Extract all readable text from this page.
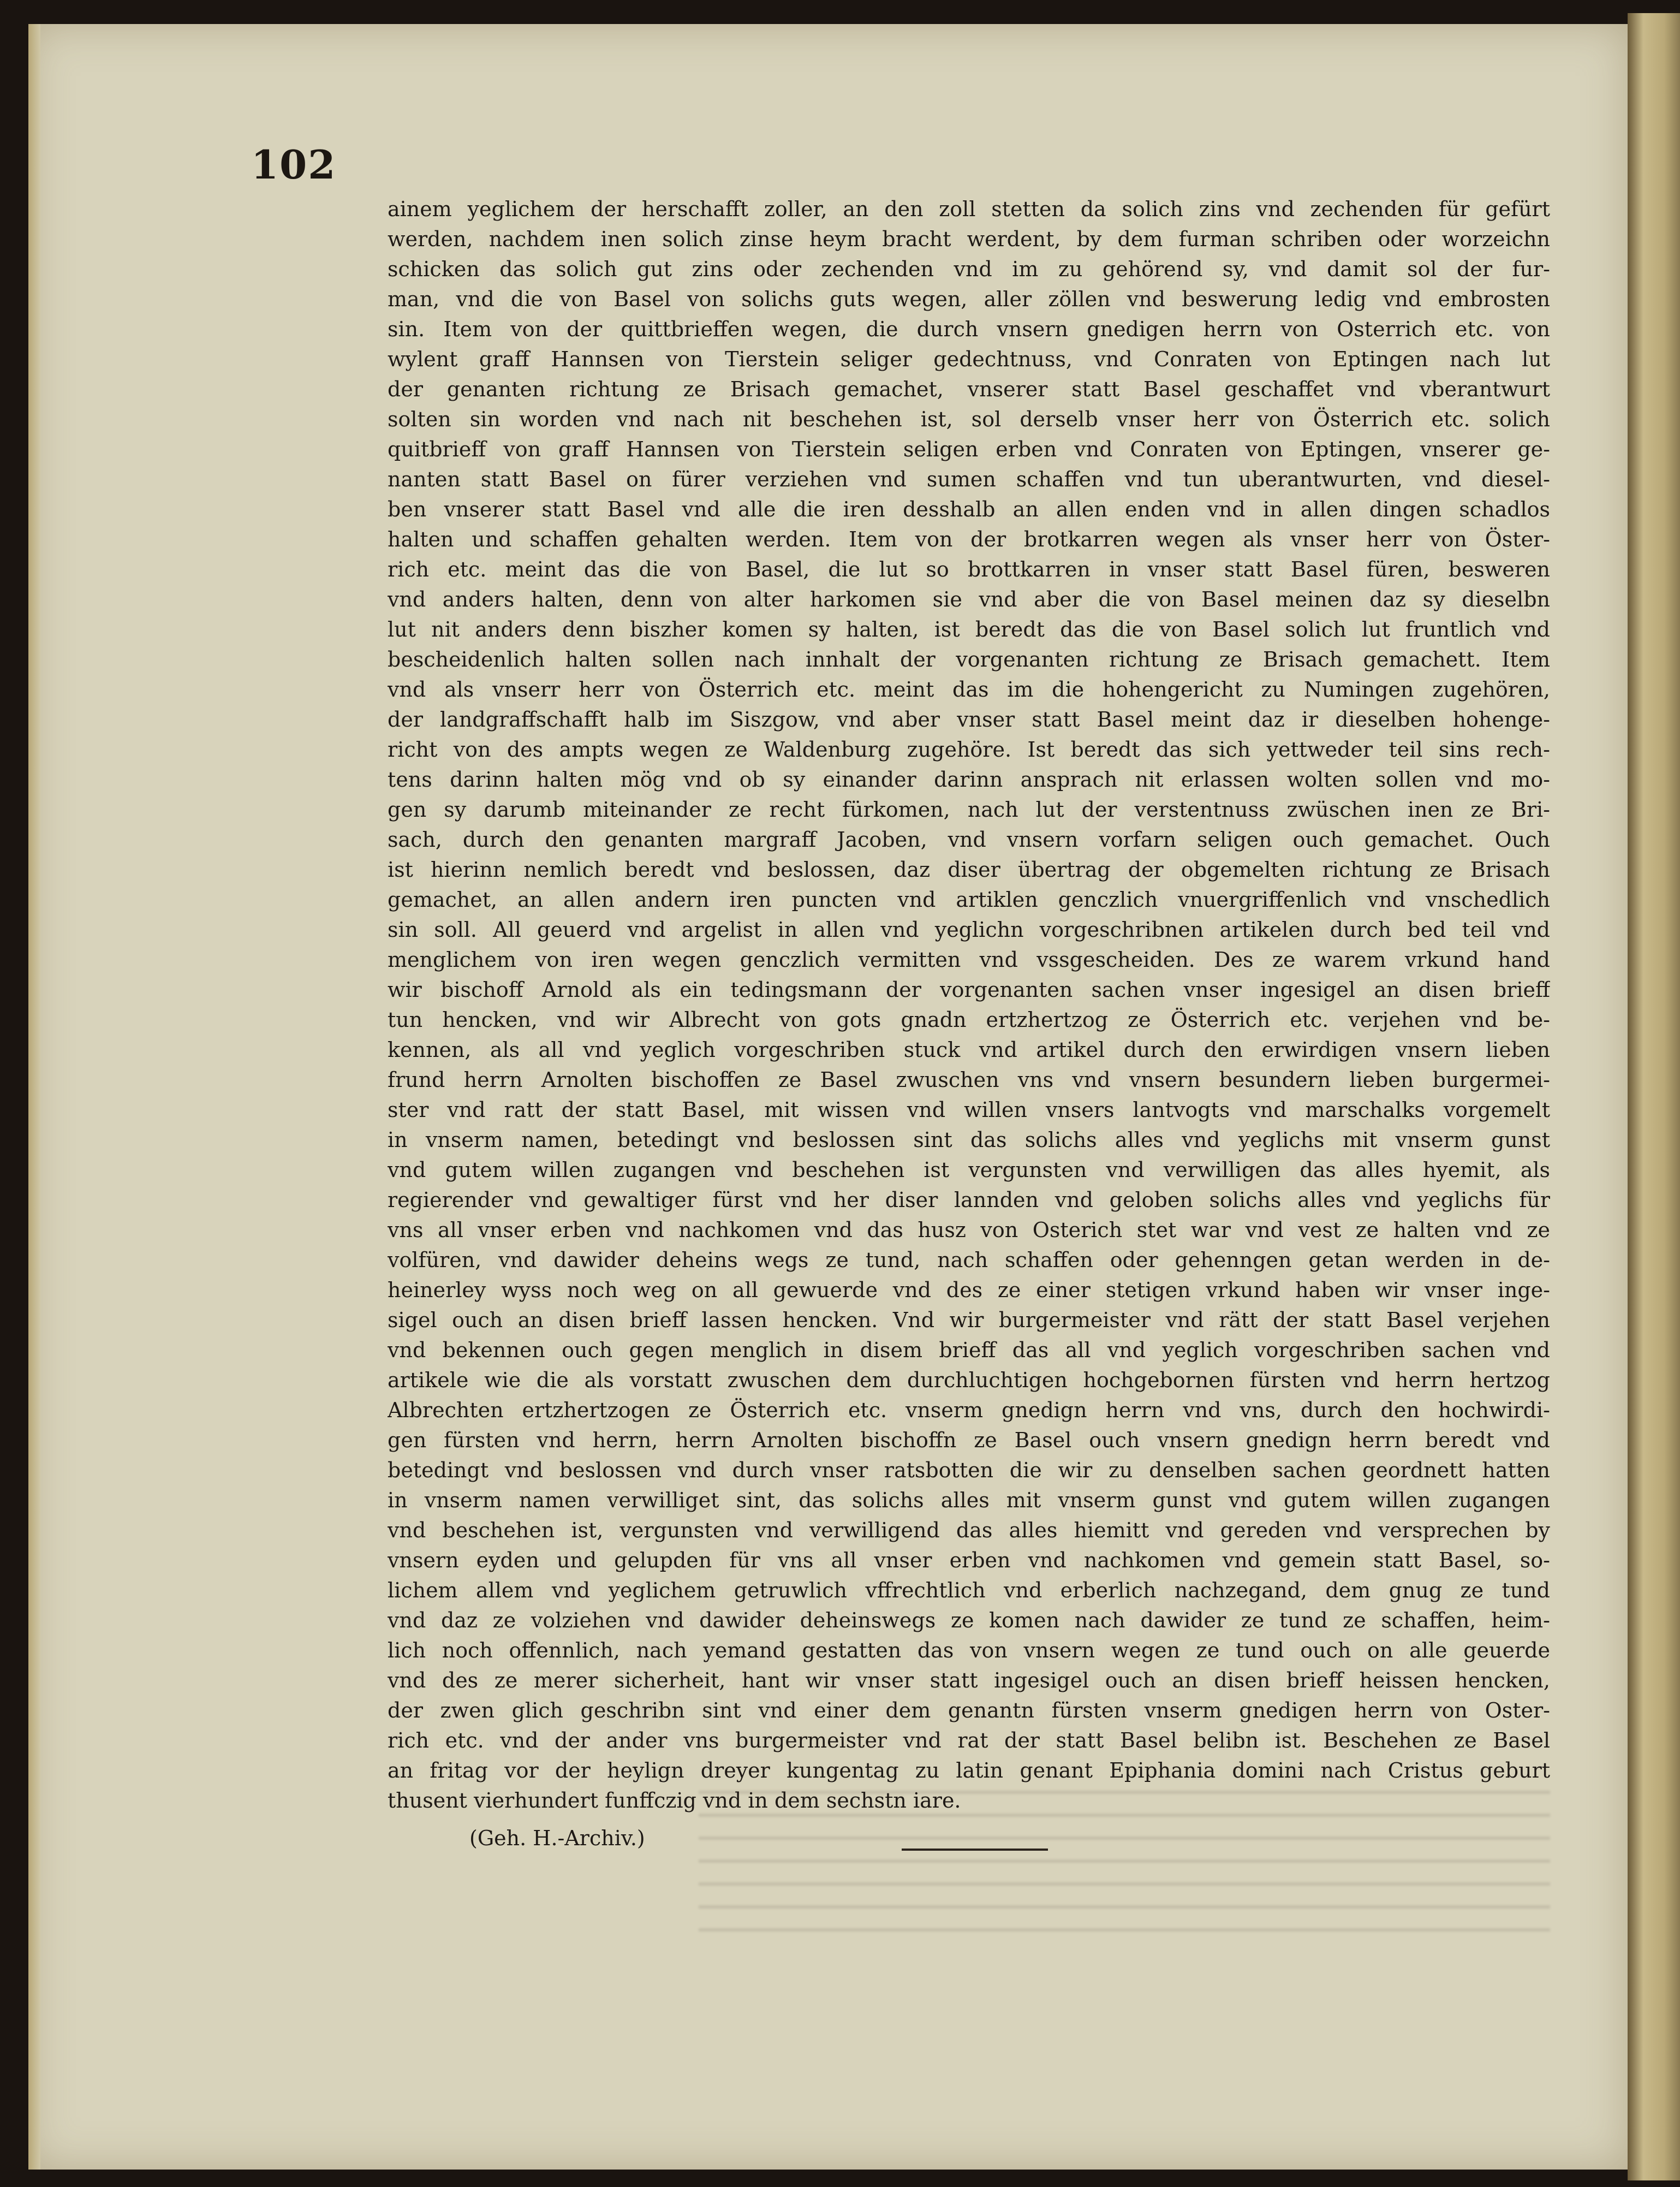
102
ainem yeglichem der herschafft zoller, an den zoll stetten da solich zins vnd zechenden für gefürt
werden, nachdem inen solich zinse heym bracht werdent, by dem furman schriben oder worzeichn
schicken das solich gut zins oder zechenden vnd im zu gehörend sy, vnd damit sol der fur-
man, vnd die von Basel von solichs guts wegen, aller zöllen vnd beswerung ledig vnd embrosten
sin. Item von der quittbrieffen wegen, die durch vnsern gnedigen herrn von Osterrich etc. von
wylent graff Hannsen von Tierstein seliger gedechtnuss, vnd Conraten von Eptingen nach lut
der genanten richtung ze Brisach gemachet, vnserer statt Basel geschaffet vnd vberantwurt
solten sin worden vnd nach nit beschehen ist, sol derselb vnser herr von Österrich etc. solich
quitbrieff von graff Hannsen von Tierstein seligen erben vnd Conraten von Eptingen, vnserer ge-
nanten statt Basel on fürer verziehen vnd sumen schaffen vnd tun uberantwurten, vnd diesel-
ben vnserer statt Basel vnd alle die iren desshalb an allen enden vnd in allen dingen schadlos
halten und schaffen gehalten werden. Item von der brotkarren wegen als vnser herr von Öster-
rich etc. meint das die von Basel, die lut so brottkarren in vnser statt Basel füren, besweren
vnd anders halten, denn von alter harkomen sie vnd aber die von Basel meinen daz sy dieselbn
lut nit anders denn biszher komen sy halten, ist beredt das die von Basel solich lut fruntlich vnd
bescheidenlich halten sollen nach innhalt der vorgenanten richtung ze Brisach gemachett. Item
vnd als vnserr herr von Österrich etc. meint das im die hohengericht zu Numingen zugehören,
der landgraffschafft halb im Siszgow, vnd aber vnser statt Basel meint daz ir dieselben hohenge-
richt von des ampts wegen ze Waldenburg zugehöre. Ist beredt das sich yettweder teil sins rech-
tens darinn halten mög vnd ob sy einander darinn ansprach nit erlassen wolten sollen vnd mo-
gen sy darumb miteinander ze recht fürkomen, nach lut der verstentnuss zwüschen inen ze Bri-
sach, durch den genanten margraff Jacoben, vnd vnsern vorfarn seligen ouch gemachet. Ouch
ist hierinn nemlich beredt vnd beslossen, daz diser übertrag der obgemelten richtung ze Brisach
gemachet, an allen andern iren puncten vnd artiklen genczlich vnuergriffenlich vnd vnschedlich
sin soll. All geuerd vnd argelist in allen vnd yeglichn vorgeschribnen artikelen durch bed teil vnd
menglichem von iren wegen genczlich vermitten vnd vssgescheiden. Des ze warem vrkund hand
wir bischoff Arnold als ein tedingsmann der vorgenanten sachen vnser ingesigel an disen brieff
tun hencken, vnd wir Albrecht von gots gnadn ertzhertzog ze Österrich etc. verjehen vnd be-
kennen, als all vnd yeglich vorgeschriben stuck vnd artikel durch den erwirdigen vnsern lieben
frund herrn Arnolten bischoffen ze Basel zwuschen vns vnd vnsern besundern lieben burgermei-
ster vnd ratt der statt Basel, mit wissen vnd willen vnsers lantvogts vnd marschalks vorgemelt
in vnserm namen, betedingt vnd beslossen sint das solichs alles vnd yeglichs mit vnserm gunst
vnd gutem willen zugangen vnd beschehen ist vergunsten vnd verwilligen das alles hyemit, als
regierender vnd gewaltiger fürst vnd her diser lannden vnd geloben solichs alles vnd yeglichs für
vns all vnser erben vnd nachkomen vnd das husz von Osterich stet war vnd vest ze halten vnd ze
volfüren, vnd dawider deheins wegs ze tund, nach schaffen oder gehenngen getan werden in de-
heinerley wyss noch weg on all gewuerde vnd des ze einer stetigen vrkund haben wir vnser inge-
sigel ouch an disen brieff lassen hencken. Vnd wir burgermeister vnd rätt der statt Basel verjehen
vnd bekennen ouch gegen menglich in disem brieff das all vnd yeglich vorgeschriben sachen vnd
artikele wie die als vorstatt zwuschen dem durchluchtigen hochgebornen fürsten vnd herrn hertzog
Albrechten ertzhertzogen ze Österrich etc. vnserm gnedign herrn vnd vns, durch den hochwirdi-
gen fürsten vnd herrn, herrn Arnolten bischoffn ze Basel ouch vnsern gnedign herrn beredt vnd
betedingt vnd beslossen vnd durch vnser ratsbotten die wir zu denselben sachen geordnett hatten
in vnserm namen verwilliget sint, das solichs alles mit vnserm gunst vnd gutem willen zugangen
vnd beschehen ist, vergunsten vnd verwilligend das alles hiemitt vnd gereden vnd versprechen by
vnsern eyden und gelupden für vns all vnser erben vnd nachkomen vnd gemein statt Basel, so-
lichem allem vnd yeglichem getruwlich vffrechtlich vnd erberlich nachzegand, dem gnug ze tund
vnd daz ze volziehen vnd dawider deheinswegs ze komen nach dawider ze tund ze schaffen, heim-
lich noch offennlich, nach yemand gestatten das von vnsern wegen ze tund ouch on alle geuerde
vnd des ze merer sicherheit, hant wir vnser statt ingesigel ouch an disen brieff heissen hencken,
der zwen glich geschribn sint vnd einer dem genantn fürsten vnserm gnedigen herrn von Oster-
rich etc. vnd der ander vns burgermeister vnd rat der statt Basel belibn ist. Beschehen ze Basel
an fritag vor der heylign dreyer kungentag zu latin genant Epiphania domini nach Cristus geburt
thusent vierhundert funffczig vnd in dem sechstn iare.
(Geh. H.-Archiv.)
